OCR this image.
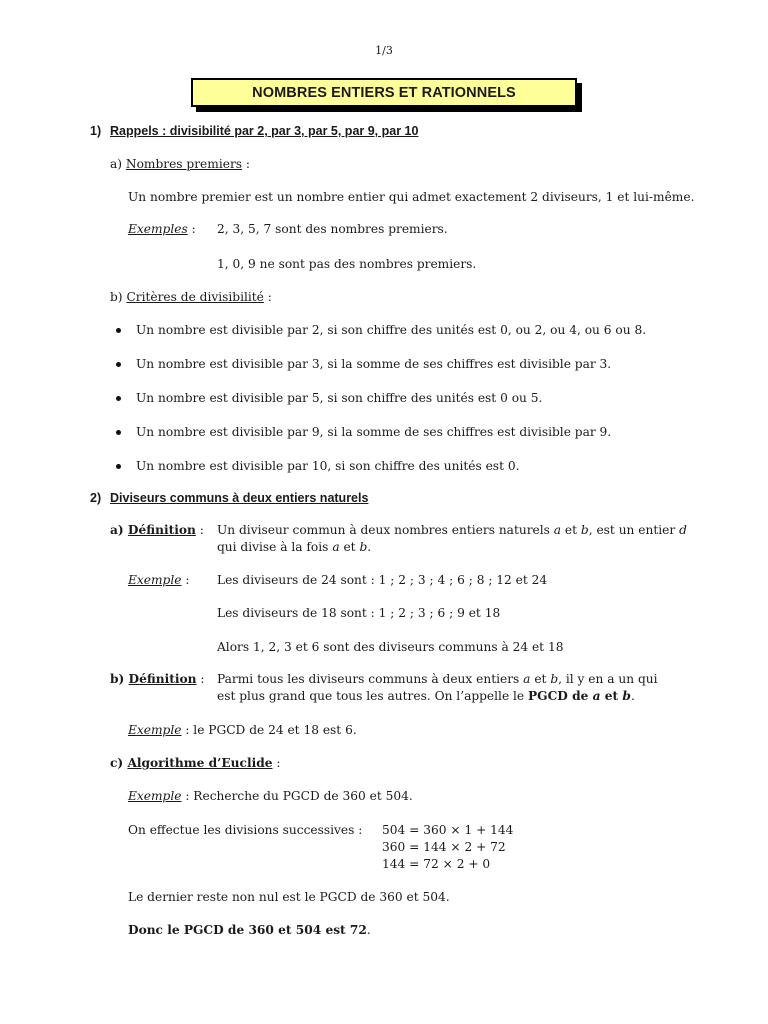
1/3
NOMBRES ENTIERS ET RATIONNELS
1) Rappels : divisibilité par 2, par 3, par 5, par 9, par 10
a) Nombres premiers :
Un nombre premier est un nombre entier qui admet exactement 2 diviseurs, 1 et lui-même.
Exemples : 2, 3, 5, 7 sont des nombres premiers.
1, 0, 9 ne sont pas des nombres premiers.
b) Critères de divisibilité :
Un nombre est divisible par 2, si son chiffre des unités est 0, ou 2, ou 4, ou 6 ou 8.
Un nombre est divisible par 3, si la somme de ses chiffres est divisible par 3.
Un nombre est divisible par 5, si son chiffre des unités est 0 ou 5.
Un nombre est divisible par 9, si la somme de ses chiffres est divisible par 9.
Un nombre est divisible par 10, si son chiffre des unités est 0.
2) Diviseurs communs à deux entiers naturels
a) Définition : Un diviseur commun à deux nombres entiers naturels a et b, est un entier d
qui divise à la fois a et b.
Exemple : Les diviseurs de 24 sont : 1 ; 2 ; 3 ; 4 ; 6 ; 8 ; 12 et 24
Les diviseurs de 18 sont : 1 ; 2 ; 3 ; 6 ; 9 et 18
Alors 1, 2, 3 et 6 sont des diviseurs communs à 24 et 18
b) Définition : Parmi tous les diviseurs communs à deux entiers a et b, il y en a un qui
est plus grand que tous les autres. On l’appelle le PGCD de a et b.
Exemple : le PGCD de 24 et 18 est 6.
c) Algorithme d’Euclide :
Exemple : Recherche du PGCD de 360 et 504.
On effectue les divisions successives : 504 = 360 × 1 + 144
360 = 144 × 2 + 72
144 = 72 × 2 + 0
Le dernier reste non nul est le PGCD de 360 et 504.
Donc le PGCD de 360 et 504 est 72.
